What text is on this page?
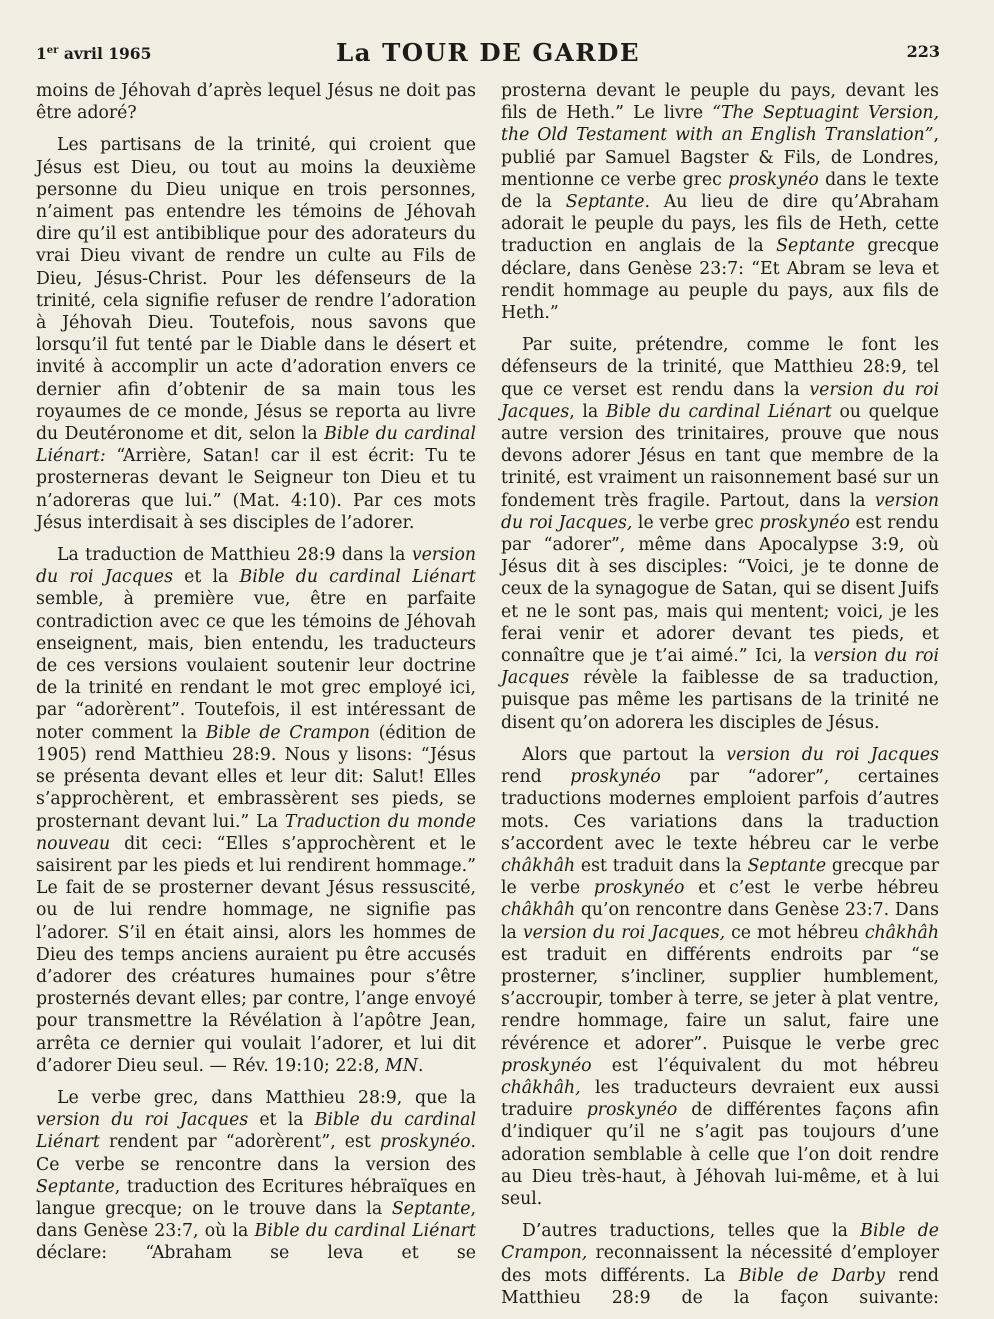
1er avril 1965	La TOUR DE GARDE	223

moins de Jéhovah d’après lequel Jésus ne doit pas être adoré?

Les partisans de la trinité, qui croient que Jésus est Dieu, ou tout au moins la deuxième personne du Dieu unique en trois personnes, n’aiment pas entendre les témoins de Jéhovah dire qu’il est antibiblique pour des adorateurs du vrai Dieu vivant de rendre un culte au Fils de Dieu, Jésus-Christ. Pour les défenseurs de la trinité, cela signifie refuser de rendre l’adoration à Jéhovah Dieu. Toutefois, nous savons que lorsqu’il fut tenté par le Diable dans le désert et invité à accomplir un acte d’adoration envers ce dernier afin d’obtenir de sa main tous les royaumes de ce monde, Jésus se reporta au livre du Deutéronome et dit, selon la Bible du cardinal Liénart: “Arrière, Satan! car il est écrit: Tu te prosterneras devant le Seigneur ton Dieu et tu n’adoreras que lui.” (Mat. 4:10). Par ces mots Jésus interdisait à ses disciples de l’adorer.

La traduction de Matthieu 28:9 dans la version du roi Jacques et la Bible du cardinal Liénart semble, à première vue, être en parfaite contradiction avec ce que les témoins de Jéhovah enseignent, mais, bien entendu, les traducteurs de ces versions voulaient soutenir leur doctrine de la trinité en rendant le mot grec employé ici, par “adorèrent”. Toutefois, il est intéressant de noter comment la Bible de Crampon (édition de 1905) rend Matthieu 28:9. Nous y lisons: “Jésus se présenta devant elles et leur dit: Salut! Elles s’approchèrent, et embrassèrent ses pieds, se prosternant devant lui.” La Traduction du monde nouveau dit ceci: “Elles s’approchèrent et le saisirent par les pieds et lui rendirent hommage.” Le fait de se prosterner devant Jésus ressuscité, ou de lui rendre hommage, ne signifie pas l’adorer. S’il en était ainsi, alors les hommes de Dieu des temps anciens auraient pu être accusés d’adorer des créatures humaines pour s’être prosternés devant elles; par contre, l’ange envoyé pour transmettre la Révélation à l’apôtre Jean, arrêta ce dernier qui voulait l’adorer, et lui dit d’adorer Dieu seul. — Rév. 19:10; 22:8, MN.

Le verbe grec, dans Matthieu 28:9, que la version du roi Jacques et la Bible du cardinal Liénart rendent par “adorèrent”, est proskynéo. Ce verbe se rencontre dans la version des Septante, traduction des Ecritures hébraïques en langue grecque; on le trouve dans la Septante, dans Genèse 23:7, où la Bible du cardinal Liénart déclare: “Abraham se leva et se

prosterna devant le peuple du pays, devant les fils de Heth.” Le livre “The Septuagint Version, the Old Testament with an English Translation”, publié par Samuel Bagster & Fils, de Londres, mentionne ce verbe grec proskynéo dans le texte de la Septante. Au lieu de dire qu’Abraham adorait le peuple du pays, les fils de Heth, cette traduction en anglais de la Septante grecque déclare, dans Genèse 23:7: “Et Abram se leva et rendit hommage au peuple du pays, aux fils de Heth.”

Par suite, prétendre, comme le font les défenseurs de la trinité, que Matthieu 28:9, tel que ce verset est rendu dans la version du roi Jacques, la Bible du cardinal Liénart ou quelque autre version des trinitaires, prouve que nous devons adorer Jésus en tant que membre de la trinité, est vraiment un raisonnement basé sur un fondement très fragile. Partout, dans la version du roi Jacques, le verbe grec proskynéo est rendu par “adorer”, même dans Apocalypse 3:9, où Jésus dit à ses disciples: “Voici, je te donne de ceux de la synagogue de Satan, qui se disent Juifs et ne le sont pas, mais qui mentent; voici, je les ferai venir et adorer devant tes pieds, et connaître que je t’ai aimé.” Ici, la version du roi Jacques révèle la faiblesse de sa traduction, puisque pas même les partisans de la trinité ne disent qu’on adorera les disciples de Jésus.

Alors que partout la version du roi Jacques rend proskynéo par “adorer”, certaines traductions modernes emploient parfois d’autres mots. Ces variations dans la traduction s’accordent avec le texte hébreu car le verbe châkhâh est traduit dans la Septante grecque par le verbe proskynéo et c’est le verbe hébreu châkhâh qu’on rencontre dans Genèse 23:7. Dans la version du roi Jacques, ce mot hébreu châkhâh est traduit en différents endroits par “se prosterner, s’incliner, supplier humblement, s’accroupir, tomber à terre, se jeter à plat ventre, rendre hommage, faire un salut, faire une révérence et adorer”. Puisque le verbe grec proskynéo est l’équivalent du mot hébreu châkhâh, les traducteurs devraient eux aussi traduire proskynéo de différentes façons afin d’indiquer qu’il ne s’agit pas toujours d’une adoration semblable à celle que l’on doit rendre au Dieu très-haut, à Jéhovah lui-même, et à lui seul.

D’autres traductions, telles que la Bible de Crampon, reconnaissent la nécessité d’employer des mots différents. La Bible de Darby rend Matthieu 28:9 de la façon suivante:
